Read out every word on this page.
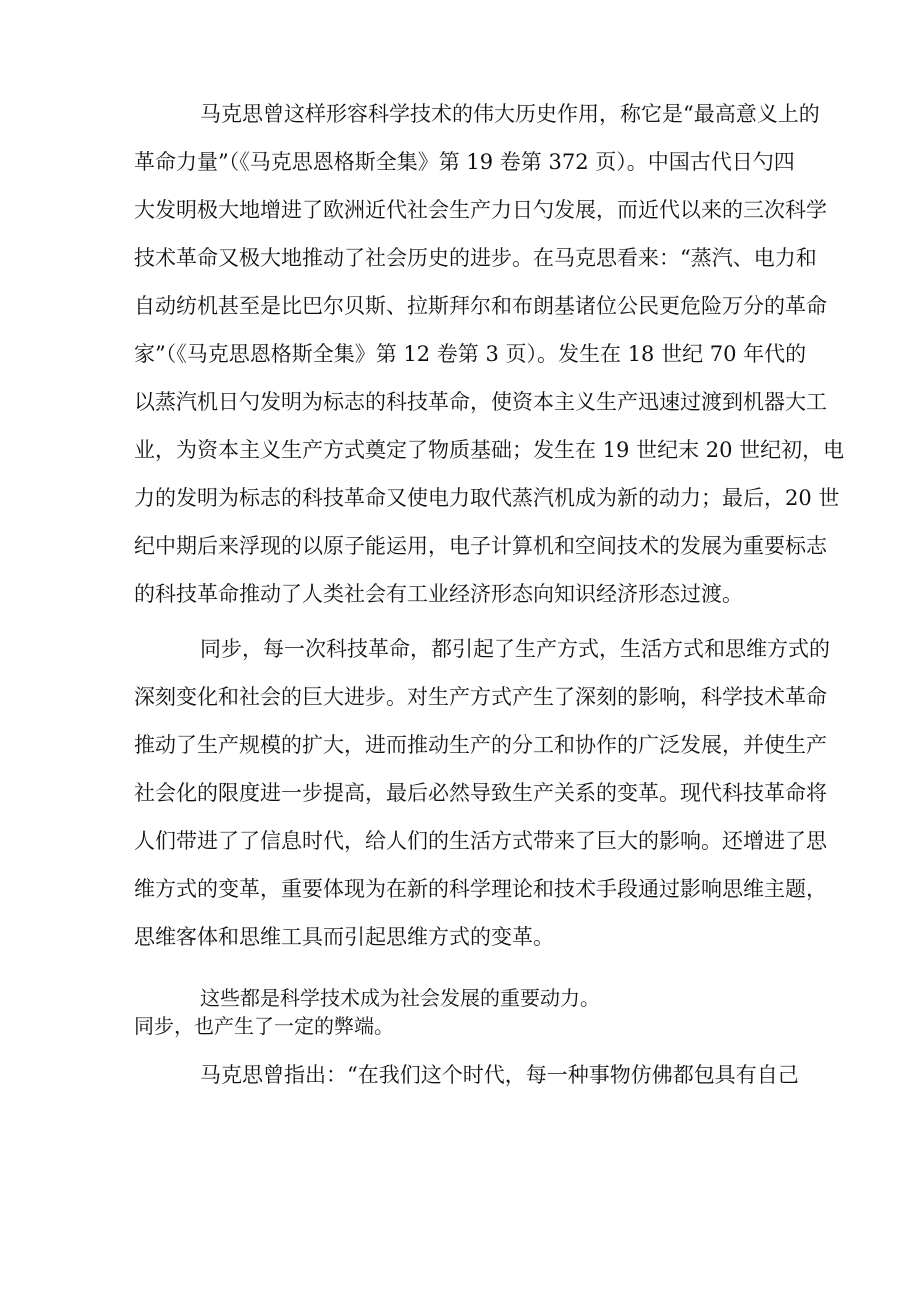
马克思曾这样形容科学技术的伟大历史作用，称它是“最高意义上的
革命力量”（《马克思恩格斯全集》第 19 卷第 372 页）。中国古代日勺四
大发明极大地增进了欧洲近代社会生产力日勺发展，而近代以来的三次科学
技术革命又极大地推动了社会历史的进步。在马克思看来：“蒸汽、电力和
自动纺机甚至是比巴尔贝斯、拉斯拜尔和布朗基诸位公民更危险万分的革命
家”（《马克思恩格斯全集》第 12 卷第 3 页）。发生在 18 世纪 70 年代的
以蒸汽机日勺发明为标志的科技革命，使资本主义生产迅速过渡到机器大工
业，为资本主义生产方式奠定了物质基础；发生在 19 世纪末 20 世纪初，电
力的发明为标志的科技革命又使电力取代蒸汽机成为新的动力；最后，20 世
纪中期后来浮现的以原子能运用，电子计算机和空间技术的发展为重要标志
的科技革命推动了人类社会有工业经济形态向知识经济形态过渡。
同步，每一次科技革命，都引起了生产方式，生活方式和思维方式的
深刻变化和社会的巨大进步。对生产方式产生了深刻的影响，科学技术革命
推动了生产规模的扩大，进而推动生产的分工和协作的广泛发展，并使生产
社会化的限度进一步提高，最后必然导致生产关系的变革。现代科技革命将
人们带进了了信息时代，给人们的生活方式带来了巨大的影响。还增进了思
维方式的变革，重要体现为在新的科学理论和技术手段通过影响思维主题，
思维客体和思维工具而引起思维方式的变革。
这些都是科学技术成为社会发展的重要动力。
同步，也产生了一定的弊端。
马克思曾指出：“在我们这个时代，每一种事物仿佛都包具有自己
